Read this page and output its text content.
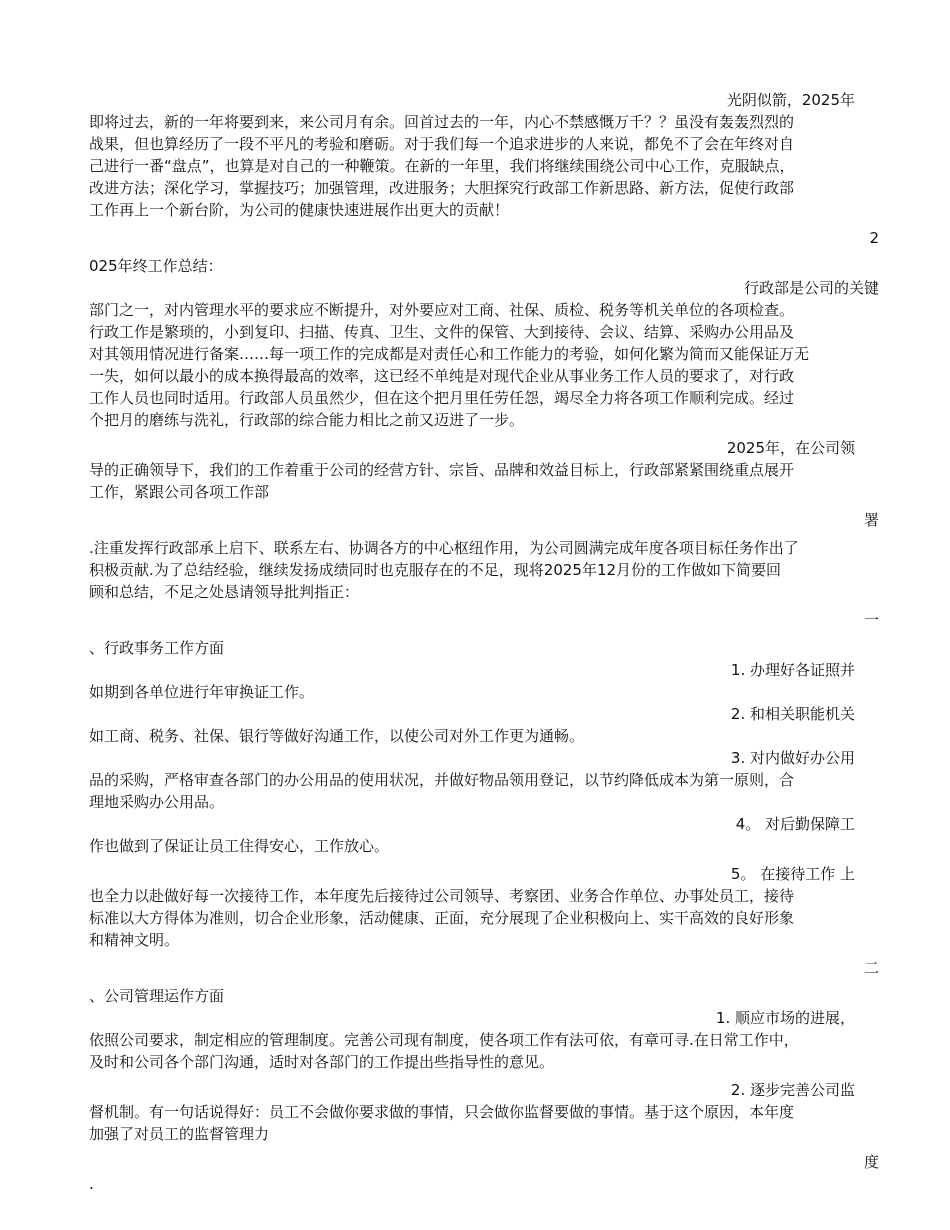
光阴似箭，2025年
即将过去，新的一年将要到来，来公司月有余。回首过去的一年，内心不禁感慨万千？？虽没有轰轰烈烈的
战果，但也算经历了一段不平凡的考验和磨砺。对于我们每一个追求进步的人来说，都免不了会在年终对自
己进行一番“盘点”，也算是对自己的一种鞭策。在新的一年里，我们将继续围绕公司中心工作，克服缺点，
改进方法；深化学习，掌握技巧；加强管理，改进服务；大胆探究行政部工作新思路、新方法，促使行政部
工作再上一个新台阶，为公司的健康快速进展作出更大的贡献！
2
025年终工作总结：
行政部是公司的关键
部门之一，对内管理水平的要求应不断提升，对外要应对工商、社保、质检、税务等机关单位的各项检查。
行政工作是繁琐的，小到复印、扫描、传真、卫生、文件的保管、大到接待、会议、结算、采购办公用品及
对其领用情况进行备案……每一项工作的完成都是对责任心和工作能力的考验，如何化繁为简而又能保证万无
一失，如何以最小的成本换得最高的效率，这已经不单纯是对现代企业从事业务工作人员的要求了，对行政
工作人员也同时适用。行政部人员虽然少，但在这个把月里任劳任怨，竭尽全力将各项工作顺利完成。经过
个把月的磨练与洗礼，行政部的综合能力相比之前又迈进了一步。
2025年，在公司领
导的正确领导下，我们的工作着重于公司的经营方针、宗旨、品牌和效益目标上，行政部紧紧围绕重点展开
工作，紧跟公司各项工作部
署
.注重发挥行政部承上启下、联系左右、协调各方的中心枢纽作用，为公司圆满完成年度各项目标任务作出了
积极贡献.为了总结经验，继续发扬成绩同时也克服存在的不足，现将2025年12月份的工作做如下简要回
顾和总结，不足之处恳请领导批判指正：
一
、行政事务工作方面
1. 办理好各证照并
如期到各单位进行年审换证工作。
2. 和相关职能机关
如工商、税务、社保、银行等做好沟通工作，以使公司对外工作更为通畅。
3. 对内做好办公用
品的采购，严格审查各部门的办公用品的使用状况，并做好物品领用登记，以节约降低成本为第一原则，合
理地采购办公用品。
4。 对后勤保障工
作也做到了保证让员工住得安心，工作放心。
5。 在接待工作 上
也全力以赴做好每一次接待工作，本年度先后接待过公司领导、考察团、业务合作单位、办事处员工，接待
标准以大方得体为准则，切合企业形象，活动健康、正面，充分展现了企业积极向上、实干高效的良好形象
和精神文明。
二
、公司管理运作方面
1. 顺应市场的进展，
依照公司要求，制定相应的管理制度。完善公司现有制度，使各项工作有法可依，有章可寻.在日常工作中，
及时和公司各个部门沟通，适时对各部门的工作提出些指导性的意见。
2. 逐步完善公司监
督机制。有一句话说得好：员工不会做你要求做的事情，只会做你监督要做的事情。基于这个原因，本年度
加强了对员工的监督管理力
度
.
